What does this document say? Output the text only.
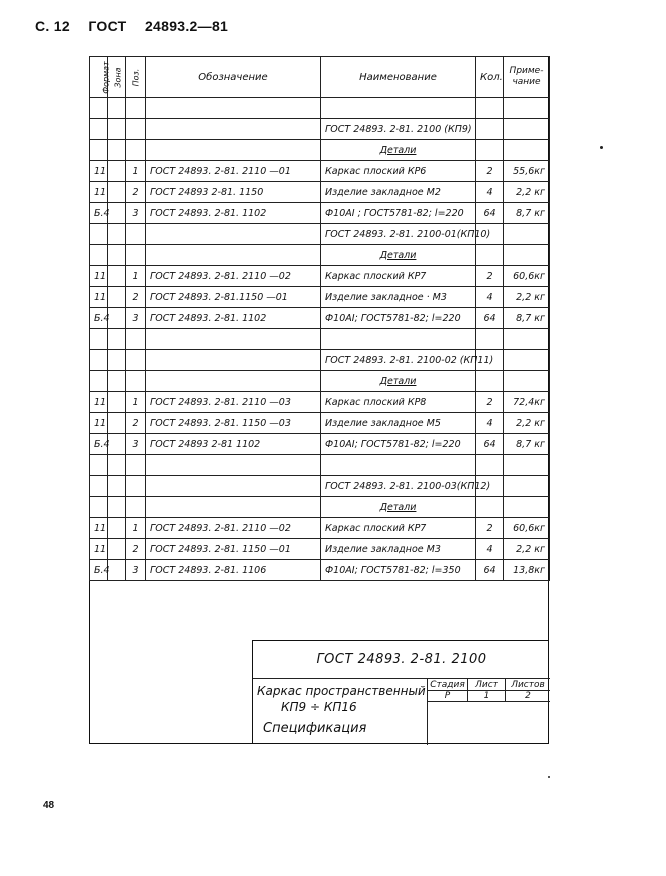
С. 12 ГОСТ 24893.2—81
Формат	Зона	Поз.	Обозначение	Наименование	Кол.	Приме-чание

				ГОСТ 24893. 2-81. 2100 (КП9)		
				Детали		
11		1	ГОСТ 24893. 2-81. 2110 —01	Каркас плоский КР6	2	55,6кг
11		2	ГОСТ 24893 2-81. 1150	Изделие закладное М2	4	2,2 кг
Б.4		3	ГОСТ 24893. 2-81. 1102	Ф10АI ; ГОСТ5781-82; l=220	64	8,7 кг
				ГОСТ 24893. 2-81. 2100-01(КП10)		
				Детали		
11		1	ГОСТ 24893. 2-81. 2110 —02	Каркас плоский КР7	2	60,6кг
11		2	ГОСТ 24893. 2-81.1150 —01	Изделие закладное · М3	4	2,2 кг
Б.4		3	ГОСТ 24893. 2-81. 1102	Ф10АI; ГОСТ5781-82; l=220	64	8,7 кг

				ГОСТ 24893. 2-81. 2100-02 (КП11)		
				Детали		
11		1	ГОСТ 24893. 2-81. 2110 —03	Каркас плоский КР8	2	72,4кг
11		2	ГОСТ 24893. 2-81. 1150 —03	Изделие закладное М5	4	2,2 кг
Б.4		3	ГОСТ 24893 2-81 1102	Ф10АI; ГОСТ5781-82; l=220	64	8,7 кг

				ГОСТ 24893. 2-81. 2100-03(КП12)		
				Детали		
11		1	ГОСТ 24893. 2-81. 2110 —02	Каркас плоский КР7	2	60,6кг
11		2	ГОСТ 24893. 2-81. 1150 —01	Изделие закладное М3	4	2,2 кг
Б.4		3	ГОСТ 24893. 2-81. 1106	Ф10АI; ГОСТ5781-82; l=350	64	13,8кг
ГОСТ 24893. 2-81. 2100
Каркас пространственный
КП9 ÷ КП16
Спецификация
Стадия
Р
Лист
1
Листов
2
48
